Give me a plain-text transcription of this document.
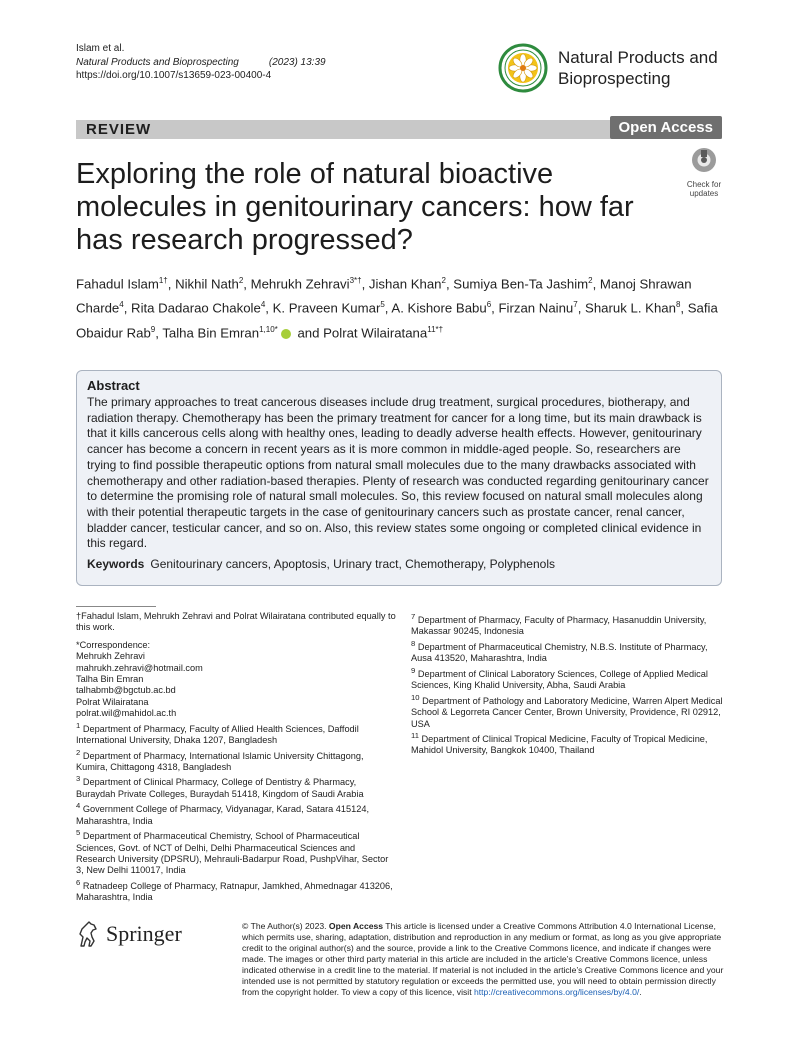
Islam et al.
Natural Products and Bioprospecting	(2023) 13:39
https://doi.org/10.1007/s13659-023-00400-4
Natural Products and
Bioprospecting
REVIEW	Open Access
Exploring the role of natural bioactive molecules in genitourinary cancers: how far has research progressed?
Check for
updates
Fahadul Islam$^{1\dagger}$, Nikhil Nath$^2$, Mehrukh Zehravi$^{3*\dagger}$, Jishan Khan$^2$, Sumiya Ben-Ta Jashim$^2$, Manoj Shrawan Charde$^4$, Rita Dadarao Chakole$^4$, K. Praveen Kumar$^5$, A. Kishore Babu$^6$, Firzan Nainu$^7$, Sharuk L. Khan$^8$, Safia Obaidur Rab$^9$, Talha Bin Emran$^{1,10*}$ and Polrat Wilairatana$^{11*\dagger}$
Abstract

The primary approaches to treat cancerous diseases include drug treatment, surgical procedures, biotherapy, and radiation therapy. Chemotherapy has been the primary treatment for cancer for a long time, but its main drawback is that it kills cancerous cells along with healthy ones, leading to deadly adverse health effects. However, genitourinary cancer has become a concern in recent years as it is more common in middle-aged people. So, researchers are trying to find possible therapeutic options from natural small molecules due to the many drawbacks associated with chemotherapy and other radiation-based therapies. Plenty of research was conducted regarding genitourinary cancer to determine the promising role of natural small molecules. So, this review focused on natural small molecules along with their potential therapeutic targets in the case of genitourinary cancers such as prostate cancer, renal cancer, bladder cancer, testicular cancer, and so on. Also, this review states some ongoing or completed clinical evidence in this regard.

Keywords Genitourinary cancers, Apoptosis, Urinary tract, Chemotherapy, Polyphenols
†Fahadul Islam, Mehrukh Zehravi and Polrat Wilairatana contributed equally to this work.
*Correspondence:
Mehrukh Zehravi
mahrukh.zehravi@hotmail.com
Talha Bin Emran
talhabmb@bgctub.ac.bd
Polrat Wilairatana
polrat.wil@mahidol.ac.th
$^1$ Department of Pharmacy, Faculty of Allied Health Sciences, Daffodil International University, Dhaka 1207, Bangladesh
$^2$ Department of Pharmacy, International Islamic University Chittagong, Kumira, Chittagong 4318, Bangladesh
$^3$ Department of Clinical Pharmacy, College of Dentistry & Pharmacy, Buraydah Private Colleges, Buraydah 51418, Kingdom of Saudi Arabia
$^4$ Government College of Pharmacy, Vidyanagar, Karad, Satara 415124, Maharashtra, India
$^5$ Department of Pharmaceutical Chemistry, School of Pharmaceutical Sciences, Govt. of NCT of Delhi, Delhi Pharmaceutical Sciences and Research University (DPSRU), Mehrauli-Badarpur Road, PushpVihar, Sector 3, New Delhi 110017, India
$^6$ Ratnadeep College of Pharmacy, Ratnapur, Jamkhed, Ahmednagar 413206, Maharashtra, India
$^7$ Department of Pharmacy, Faculty of Pharmacy, Hasanuddin University, Makassar 90245, Indonesia
$^8$ Department of Pharmaceutical Chemistry, N.B.S. Institute of Pharmacy, Ausa 413520, Maharashtra, India
$^9$ Department of Clinical Laboratory Sciences, College of Applied Medical Sciences, King Khalid University, Abha, Saudi Arabia
$^{10}$ Department of Pathology and Laboratory Medicine, Warren Alpert Medical School & Legorreta Cancer Center, Brown University, Providence, RI 02912, USA
$^{11}$ Department of Clinical Tropical Medicine, Faculty of Tropical Medicine, Mahidol University, Bangkok 10400, Thailand
Springer	© The Author(s) 2023. Open Access This article is licensed under a Creative Commons Attribution 4.0 International License, which permits use, sharing, adaptation, distribution and reproduction in any medium or format, as long as you give appropriate credit to the original author(s) and the source, provide a link to the Creative Commons licence, and indicate if changes were made. The images or other third party material in this article are included in the article’s Creative Commons licence, unless indicated otherwise in a credit line to the material. If material is not included in the article’s Creative Commons licence and your intended use is not permitted by statutory regulation or exceeds the permitted use, you will need to obtain permission directly from the copyright holder. To view a copy of this licence, visit http://creativecommons.org/licenses/by/4.0/.
